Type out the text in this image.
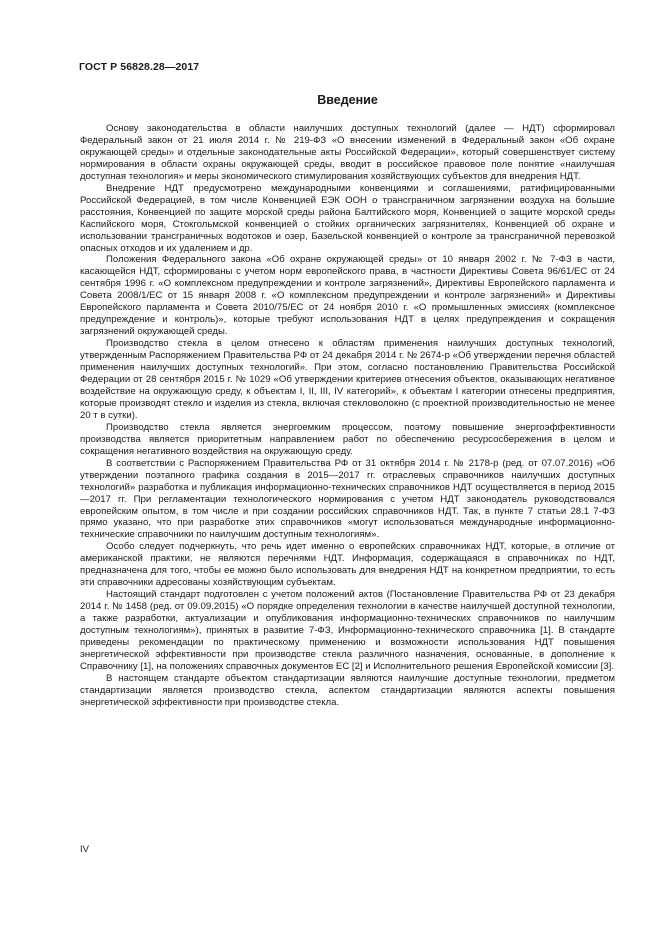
ГОСТ Р 56828.28—2017
Введение

Основу законодательства в области наилучших доступных технологий (далее — НДТ) сформировал Федеральный закон от 21 июля 2014 г. № 219-ФЗ «О внесении изменений в Федеральный закон «Об охране окружающей среды» и отдельные законодательные акты Российской Федерации», который совершенствует систему нормирования в области охраны окружающей среды, вводит в российское правовое поле понятие «наилучшая доступная технология» и меры экономического стимулирования хозяйствующих субъектов для внедрения НДТ.

Внедрение НДТ предусмотрено международными конвенциями и соглашениями, ратифицированными Российской Федерацией, в том числе Конвенцией ЕЭК ООН о трансграничном загрязнении воздуха на большие расстояния, Конвенцией по защите морской среды района Балтийского моря, Конвенцией о защите морской среды Каспийского моря, Стокгольмской конвенцией о стойких органических загрязнителях, Конвенцией об охране и использовании трансграничных водотоков и озер, Базельской конвенцией о контроле за трансграничной перевозкой опасных отходов и их удалением и др.

Положения Федерального закона «Об охране окружающей среды» от 10 января 2002 г. № 7-ФЗ в части, касающейся НДТ, сформированы с учетом норм европейского права, в частности Директивы Совета 96/61/ЕС от 24 сентября 1996 г. «О комплексном предупреждении и контроле загрязнений», Директивы Европейского парламента и Совета 2008/1/ЕС от 15 января 2008 г. «О комплексном предупреждении и контроле загрязнений» и Директивы Европейского парламента и Совета 2010/75/ЕС от 24 ноября 2010 г. «О промышленных эмиссиях (комплексное предупреждение и контроль)», которые требуют использования НДТ в целях предупреждения и сокращения загрязнений окружающей среды.

Производство стекла в целом отнесено к областям применения наилучших доступных технологий, утвержденным Распоряжением Правительства РФ от 24 декабря 2014 г. № 2674-р «Об утверждении перечня областей применения наилучших доступных технологий». При этом, согласно постановлению Правительства Российской Федерации от 28 сентября 2015 г. № 1029 «Об утверждении критериев отнесения объектов, оказывающих негативное воздействие на окружающую среду, к объектам I, II, III, IV категорий», к объектам I категории отнесены предприятия, которые производят стекло и изделия из стекла, включая стекловолокно (с проектной производительностью не менее 20 т в сутки).

Производство стекла является энергоемким процессом, поэтому повышение энергоэффективности производства является приоритетным направлением работ по обеспечению ресурсосбережения в целом и сокращения негативного воздействия на окружающую среду.

В соответствии с Распоряжением Правительства РФ от 31 октября 2014 г. № 2178-р (ред. от 07.07.2016) «Об утверждении поэтапного графика создания в 2015—2017 гг. отраслевых справочников наилучших доступных технологий» разработка и публикация информационно-технических справочников НДТ осуществляется в период 2015—2017 гг. При регламентации технологического нормирования с учетом НДТ законодатель руководствовался европейским опытом, в том числе и при создании российских справочников НДТ. Так, в пункте 7 статьи 28.1 7-ФЗ прямо указано, что при разработке этих справочников «могут использоваться международные информационно-технические справочники по наилучшим доступным технологиям».

Особо следует подчеркнуть, что речь идет именно о европейских справочниках НДТ, которые, в отличие от американской практики, не являются перечнями НДТ. Информация, содержащаяся в справочниках по НДТ, предназначена для того, чтобы ее можно было использовать для внедрения НДТ на конкретном предприятии, то есть эти справочники адресованы хозяйствующим субъектам.

Настоящий стандарт подготовлен с учетом положений актов (Постановление Правительства РФ от 23 декабря 2014 г. № 1458 (ред. от 09.09.2015) «О порядке определения технологии в качестве наилучшей доступной технологии, а также разработки, актуализации и опубликования информационно-технических справочников по наилучшим доступным технологиям»), принятых в развитие 7-ФЗ, Информационно-технического справочника [1]. В стандарте приведены рекомендации по практическому применению и возможности использования НДТ повышения энергетической эффективности при производстве стекла различного назначения, основанные, в дополнение к Справочнику [1], на положениях справочных документов ЕС [2] и Исполнительного решения Европейской комиссии [3].

В настоящем стандарте объектом стандартизации являются наилучшие доступные технологии, предметом стандартизации является производство стекла, аспектом стандартизации являются аспекты повышения энергетической эффективности при производстве стекла.

IV
